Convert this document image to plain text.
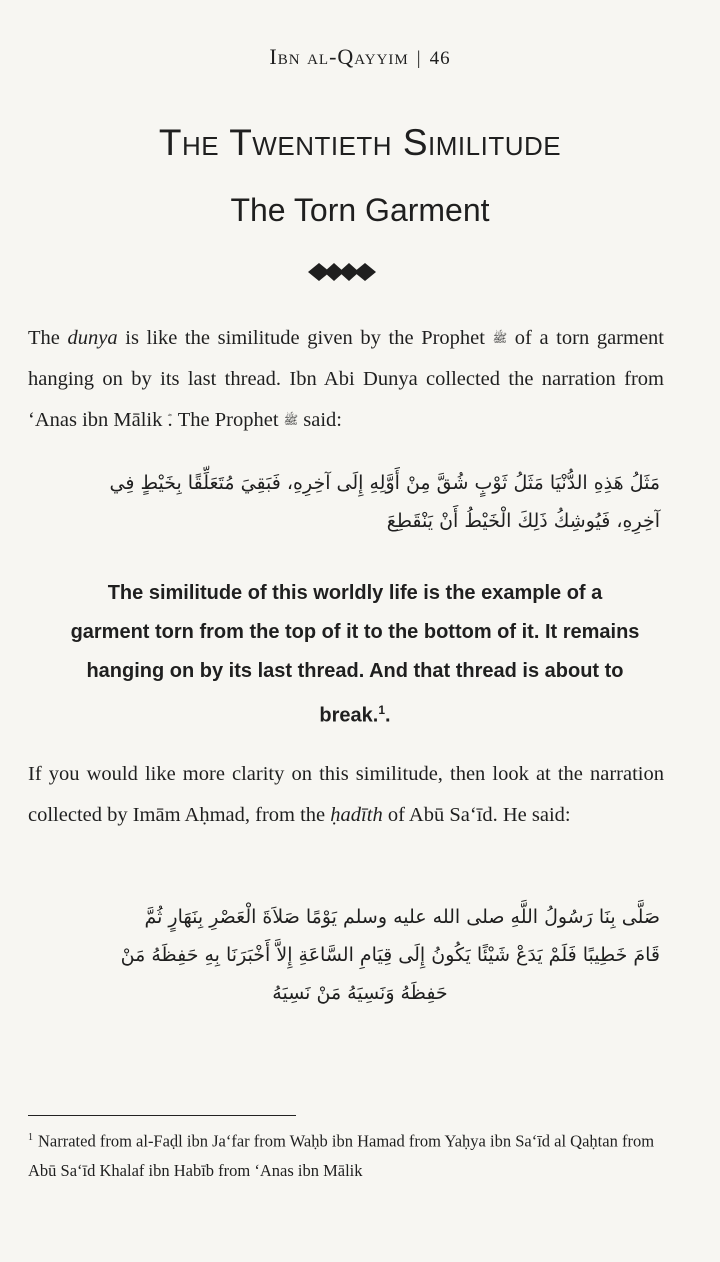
Ibn al-Qayyim | 46
The Twentieth Similitude
The Torn Garment
The dunya is like the similitude given by the Prophet ﷺ of a torn garment hanging on by its last thread. Ibn Abi Dunya collected the narration from ‘Anas ibn Mālik . The Prophet ﷺ said:
مَثَلُ هَذِهِ الدُّنْيَا مَثَلُ ثَوْبٍ شُقَّ مِنْ أَوَّلِهِ إِلَى آخِرِهِ، فَبَقِيَ مُتَعَلِّقًا بِخَيْطٍ فِي
آخِرِهِ، فَيُوشِكُ ذَلِكَ الْخَيْطُ أَنْ يَنْقَطِعَ
The similitude of this worldly life is the example of a garment torn from the top of it to the bottom of it. It remains hanging on by its last thread. And that thread is about to break.$^1$.
If you would like more clarity on this similitude, then look at the narration collected by Imām Aḥmad, from the ḥadīth of Abū Sa‘īd. He said:
صَلَّى بِنَا رَسُولُ اللَّهِ صلى الله عليه وسلم يَوْمًا صَلاَةَ الْعَصْرِ بِنَهَارٍ ثُمَّ
قَامَ خَطِيبًا فَلَمْ يَدَعْ شَيْئًا يَكُونُ إِلَى قِيَامِ السَّاعَةِ إِلاَّ أَخْبَرَنَا بِهِ حَفِظَهُ مَنْ
حَفِظَهُ وَنَسِيَهُ مَنْ نَسِيَهُ
$^1$ Narrated from al-Faḍl ibn Ja‘far from Waḥb ibn Hamad from Yaḥya ibn Sa‘īd al Qaḥtan from Abū Sa‘īd Khalaf ibn Habīb from ‘Anas ibn Mālik
